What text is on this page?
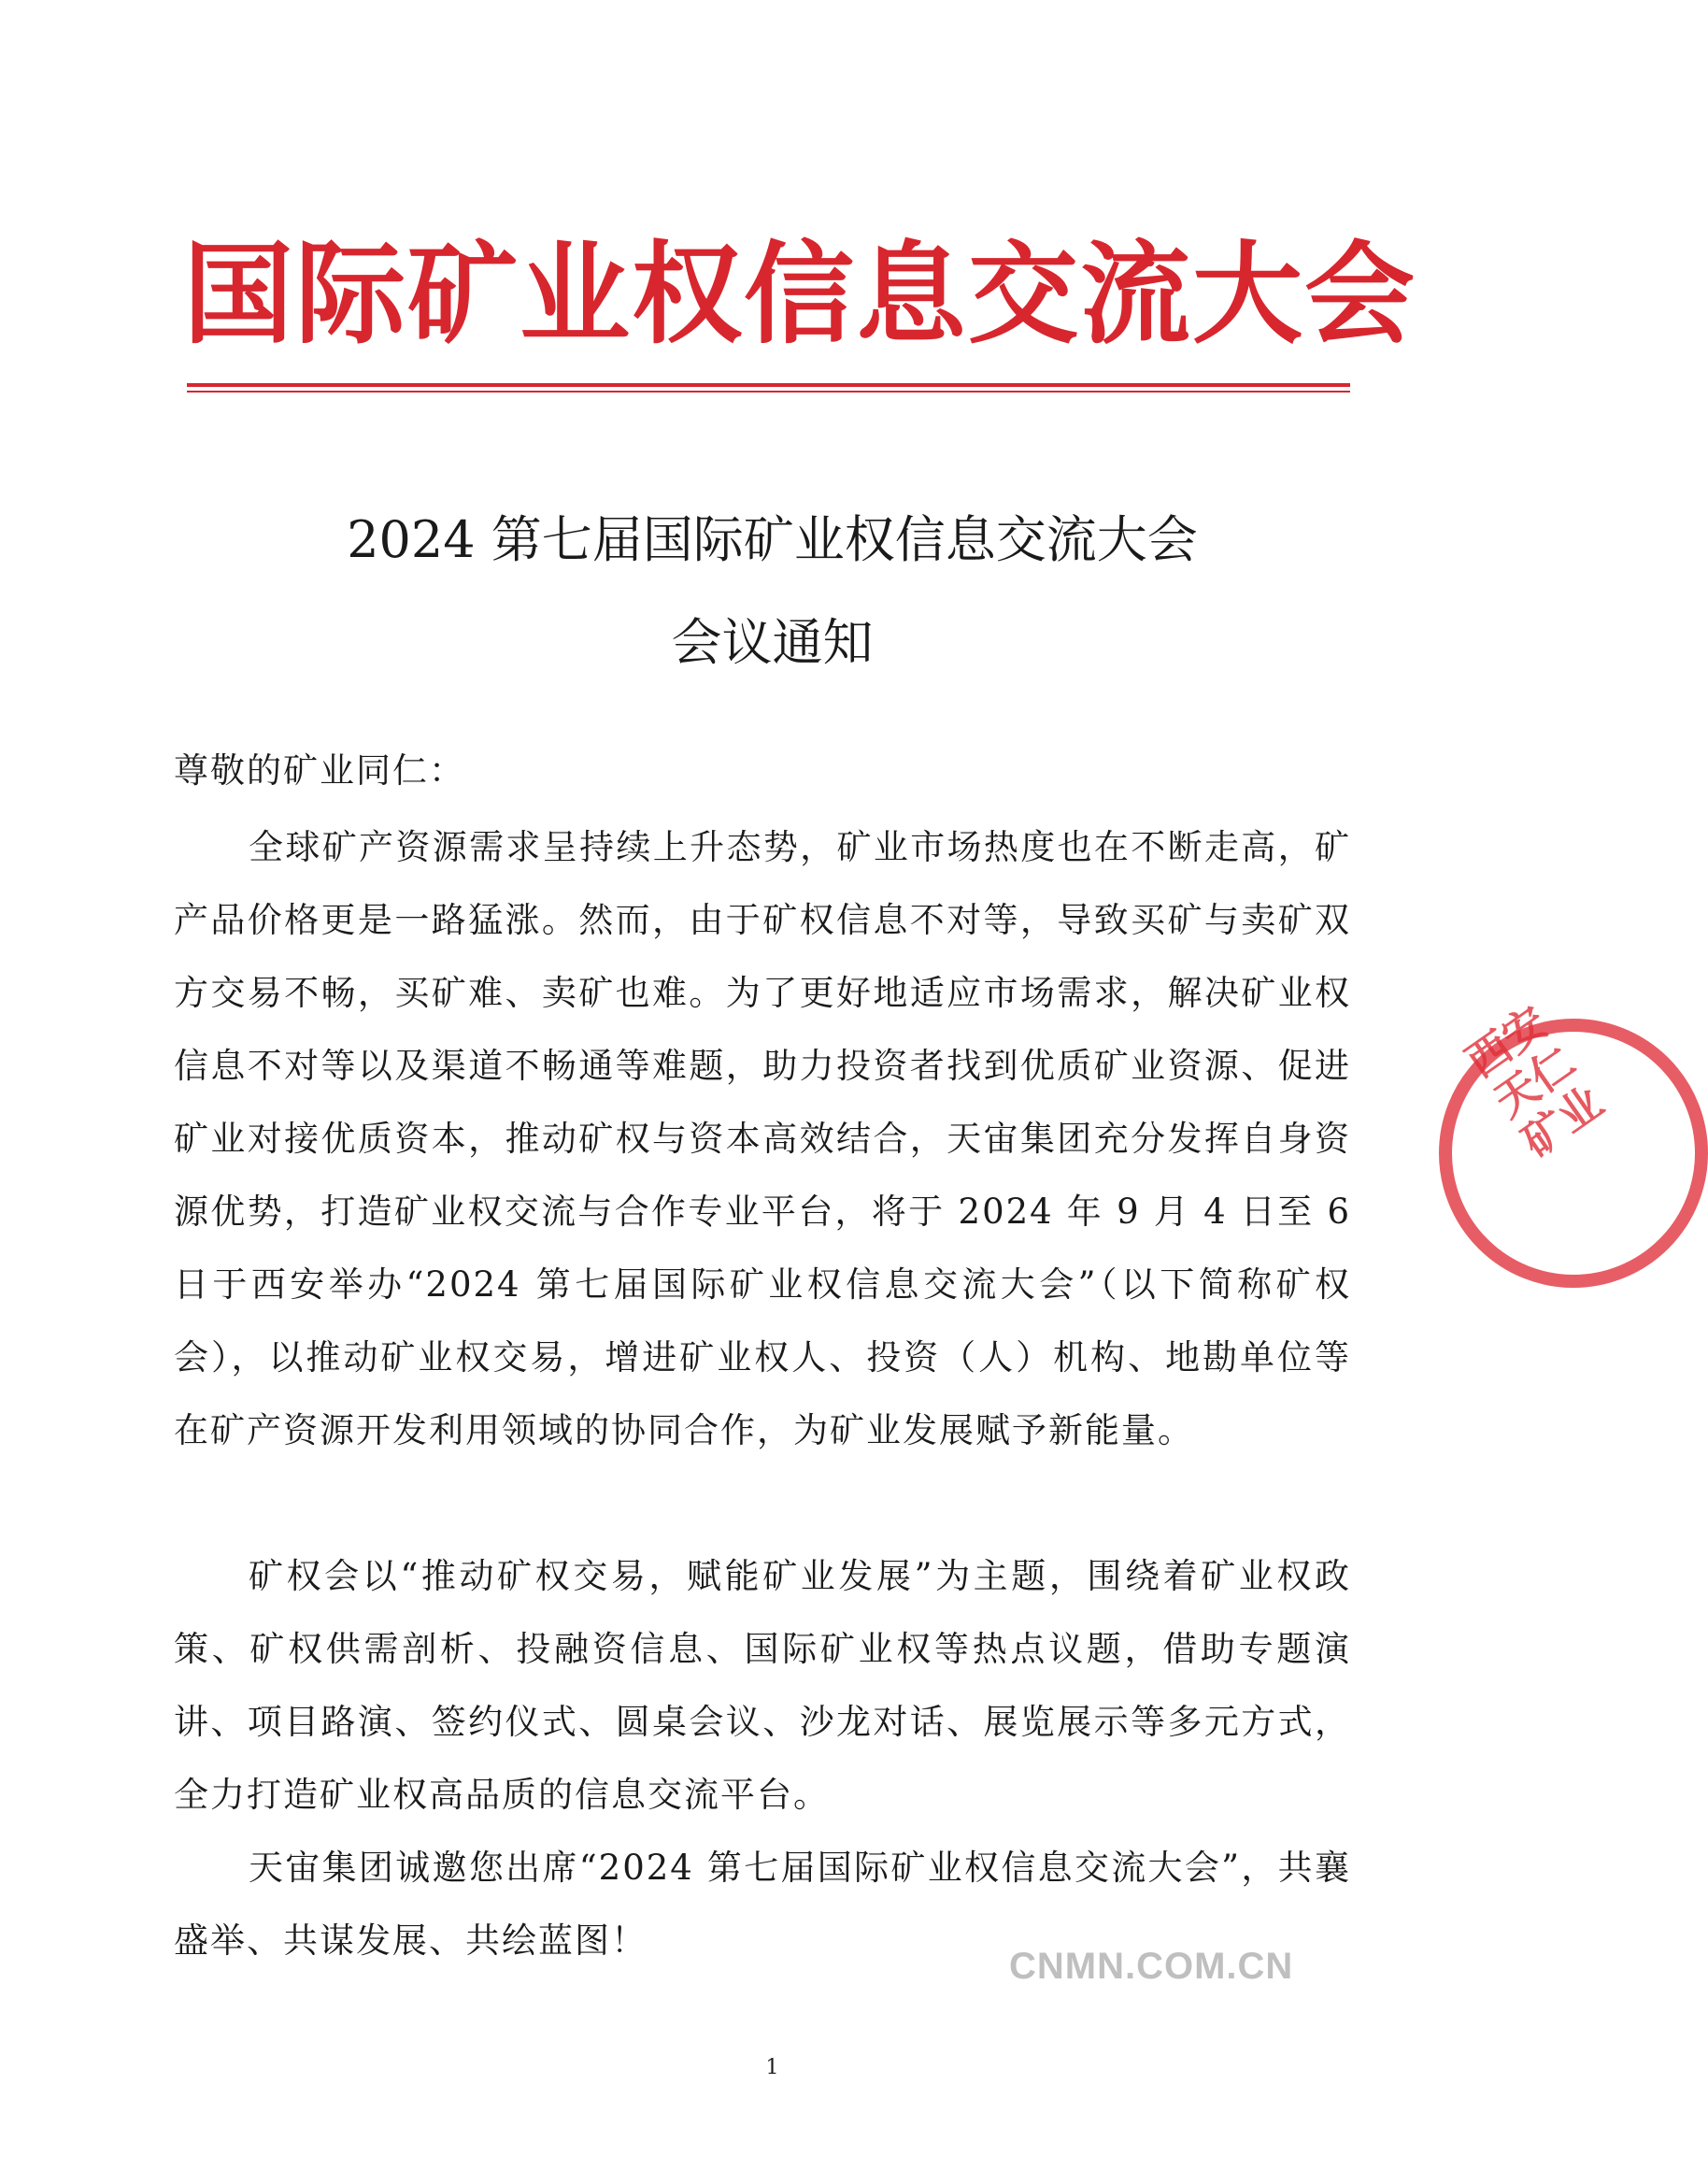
国际矿业权信息交流大会
2024 第七届国际矿业权信息交流大会
会议通知
尊敬的矿业同仁：
全球矿产资源需求呈持续上升态势，矿业市场热度也在不断走高，矿产品价格更是一路猛涨。然而，由于矿权信息不对等，导致买矿与卖矿双方交易不畅，买矿难、卖矿也难。为了更好地适应市场需求，解决矿业权信息不对等以及渠道不畅通等难题，助力投资者找到优质矿业资源、促进矿业对接优质资本，推动矿权与资本高效结合，天宙集团充分发挥自身资源优势，打造矿业权交流与合作专业平台，将于 2024 年 9 月 4 日至 6 日于西安举办“2024 第七届国际矿业权信息交流大会”（以下简称矿权会），以推动矿业权交易，增进矿业权人、投资（人）机构、地勘单位等在矿产资源开发利用领域的协同合作，为矿业发展赋予新能量。
矿权会以“推动矿权交易，赋能矿业发展”为主题，围绕着矿业权政策、矿权供需剖析、投融资信息、国际矿业权等热点议题，借助专题演讲、项目路演、签约仪式、圆桌会议、沙龙对话、展览展示等多元方式，全力打造矿业权高品质的信息交流平台。
天宙集团诚邀您出席“2024 第七届国际矿业权信息交流大会”，共襄盛举、共谋发展、共绘蓝图！
西安天仁矿业
CNMN.COM.CN
1
